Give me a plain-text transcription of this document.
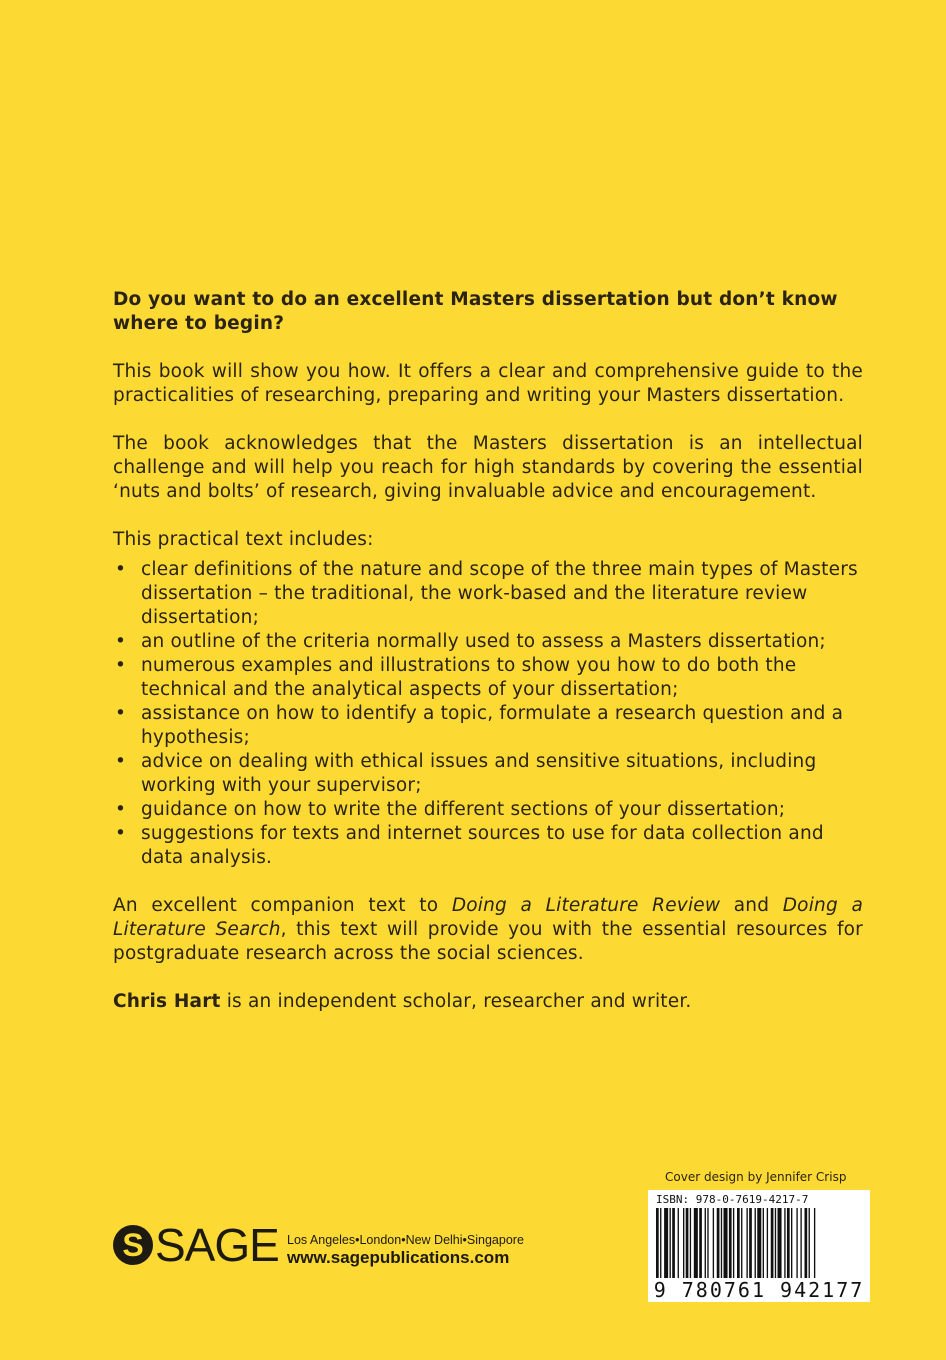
Do you want to do an excellent Masters dissertation but don’t know where to begin?

This book will show you how. It offers a clear and comprehensive guide to the practicalities of researching, preparing and writing your Masters dissertation.

The book acknowledges that the Masters dissertation is an intellectual challenge and will help you reach for high standards by covering the essential ‘nuts and bolts’ of research, giving invaluable advice and encouragement.

This practical text includes:

• clear definitions of the nature and scope of the three main types of Masters dissertation – the traditional, the work-based and the literature review dissertation;
• an outline of the criteria normally used to assess a Masters dissertation;
• numerous examples and illustrations to show you how to do both the technical and the analytical aspects of your dissertation;
• assistance on how to identify a topic, formulate a research question and a hypothesis;
• advice on dealing with ethical issues and sensitive situations, including working with your supervisor;
• guidance on how to write the different sections of your dissertation;
• suggestions for texts and internet sources to use for data collection and data analysis.

An excellent companion text to Doing a Literature Review and Doing a Literature Search, this text will provide you with the essential resources for postgraduate research across the social sciences.

Chris Hart is an independent scholar, researcher and writer.

Cover design by Jennifer Crisp
ISBN: 978-0-7619-4217-7
9 780761 942177
S SAGE Los Angeles•London•New Delhi•Singapore
www.sagepublications.com
